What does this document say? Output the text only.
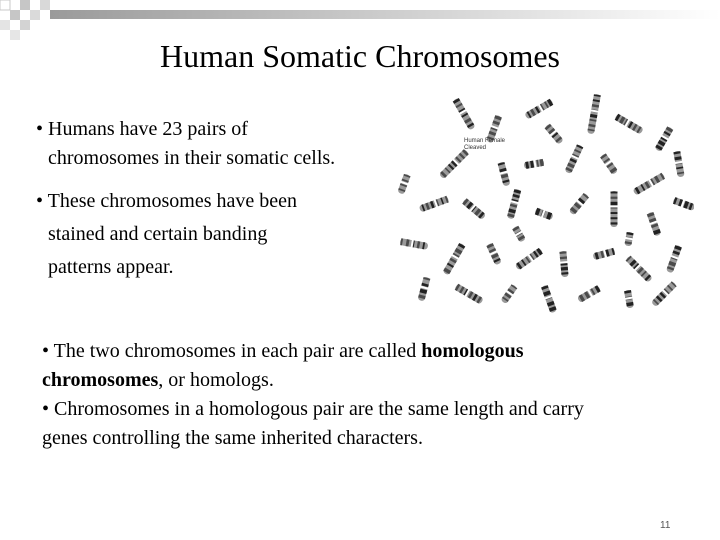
Human Somatic Chromosomes
• Humans have 23 pairs of
chromosomes in their somatic cells.
• These chromosomes have been
stained and certain banding
patterns appear.
Human Female Cleaved
• The two chromosomes in each pair are called homologous
chromosomes, or homologs.
• Chromosomes in a homologous pair are the same length and carry
genes controlling the same inherited characters.
11
